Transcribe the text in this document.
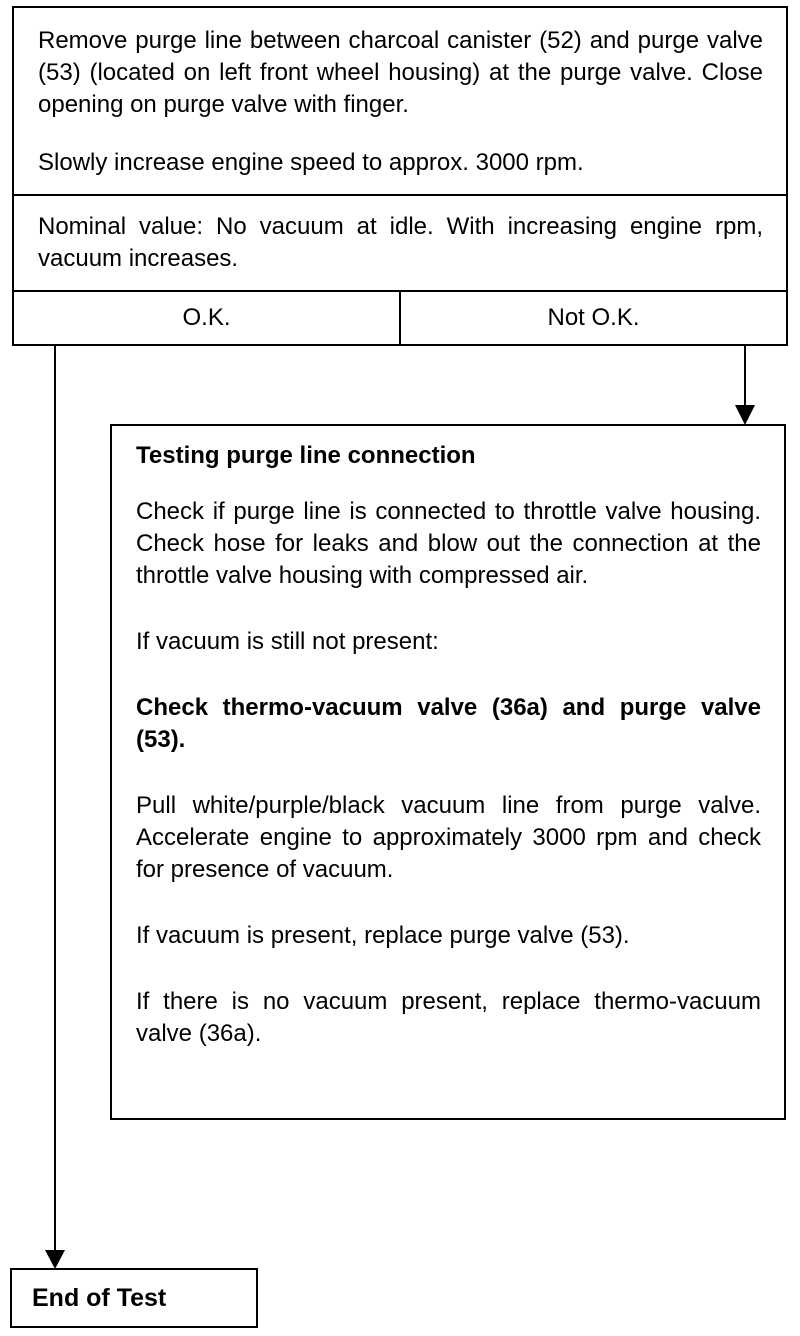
Remove purge line between charcoal canister (52) and purge valve (53) (located on left front wheel housing) at the purge valve. Close opening on purge valve with finger.

Slowly increase engine speed to approx. 3000 rpm.

Nominal value: No vacuum at idle. With increasing engine rpm, vacuum increases.

O.K.	Not O.K.

Testing purge line connection

Check if purge line is connected to throttle valve housing. Check hose for leaks and blow out the connection at the throttle valve housing with compressed air.

If vacuum is still not present:

Check thermo-vacuum valve (36a) and purge valve (53).

Pull white/purple/black vacuum line from purge valve. Accelerate engine to approximately 3000 rpm and check for presence of vacuum.

If vacuum is present, replace purge valve (53).

If there is no vacuum present, replace thermo-vacuum valve (36a).

End of Test
